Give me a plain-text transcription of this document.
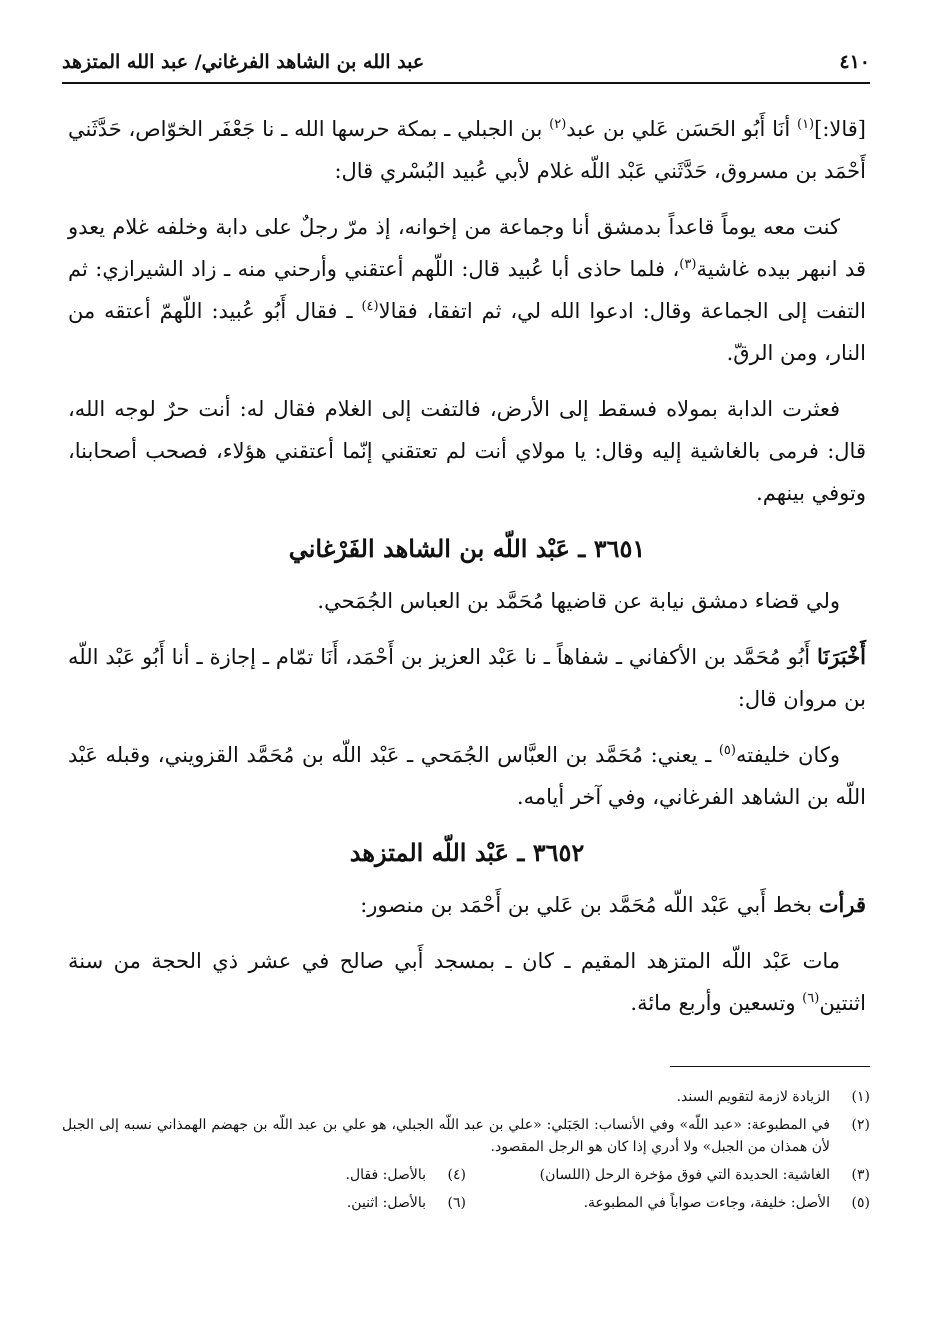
٤١٠
عبد الله بن الشاهد الفرغاني/ عبد الله المتزهد

[قالا:]$^{(١)}$ أنَا أَبُو الحَسَن عَلي بن عبد$^{(٢)}$ بن الجبلي ـ بمكة حرسها الله ـ نا جَعْفَر الخوّاص، حَدَّثَني أَحْمَد بن مسروق، حَدَّثَني عَبْد اللّه غلام لأبي عُبيد البُسْري قال:

كنت معه يوماً قاعداً بدمشق أنا وجماعة من إخوانه، إذ مرّ رجلٌ على دابة وخلفه غلام يعدو قد انبهر بيده غاشية$^{(٣)}$، فلما حاذى أبا عُبيد قال: اللّهم أعتقني وأرحني منه ـ زاد الشيرازي: ثم التفت إلى الجماعة وقال: ادعوا الله لي، ثم اتفقا، فقالا$^{(٤)}$ ـ فقال أَبُو عُبيد: اللّهمّ أعتقه من النار، ومن الرقّ.

فعثرت الدابة بمولاه فسقط إلى الأرض، فالتفت إلى الغلام فقال له: أنت حرٌ لوجه الله، قال: فرمى بالغاشية إليه وقال: يا مولاي أنت لم تعتقني إنّما أعتقني هؤلاء، فصحب أصحابنا، وتوفي بينهم.

٣٦٥١ ـ عَبْد اللّه بن الشاهد الفَرْغاني

ولي قضاء دمشق نيابة عن قاضيها مُحَمَّد بن العباس الجُمَحي.

أَخْبَرَنَا أَبُو مُحَمَّد بن الأكفاني ـ شفاهاً ـ نا عَبْد العزيز بن أَحْمَد، أَنَا تمّام ـ إجازة ـ أنا أَبُو عَبْد اللّه بن مروان قال:

وكان خليفته$^{(٥)}$ ـ يعني: مُحَمَّد بن العبَّاس الجُمَحي ـ عَبْد اللّه بن مُحَمَّد القزويني، وقبله عَبْد اللّه بن الشاهد الفرغاني، وفي آخر أيامه.

٣٦٥٢ ـ عَبْد اللّه المتزهد

قرأت بخط أَبي عَبْد اللّه مُحَمَّد بن عَلي بن أَحْمَد بن منصور:

مات عَبْد اللّه المتزهد المقيم ـ كان ـ بمسجد أَبي صالح في عشر ذي الحجة من سنة اثنتين$^{(٦)}$ وتسعين وأربع مائة.

(١)
الزيادة لازمة لتقويم السند.
(٢)
في المطبوعة: «عبد اللّه» وفي الأنساب: الجَبَلي: «علي بن عبد اللّه الجبلي، هو علي بن عبد اللّه بن جهضم الهمذاني نسبه إلى الجبل لأن همذان من الجبل» ولا أدري إذا كان هو الرجل المقصود.
(٣)
الغاشية: الحديدة التي فوق مؤخرة الرحل (اللسان)
(٤)
بالأصل: فقال.
(٥)
الأصل: خليفة، وجاءت صواباً في المطبوعة.
(٦)
بالأصل: اثنين.
